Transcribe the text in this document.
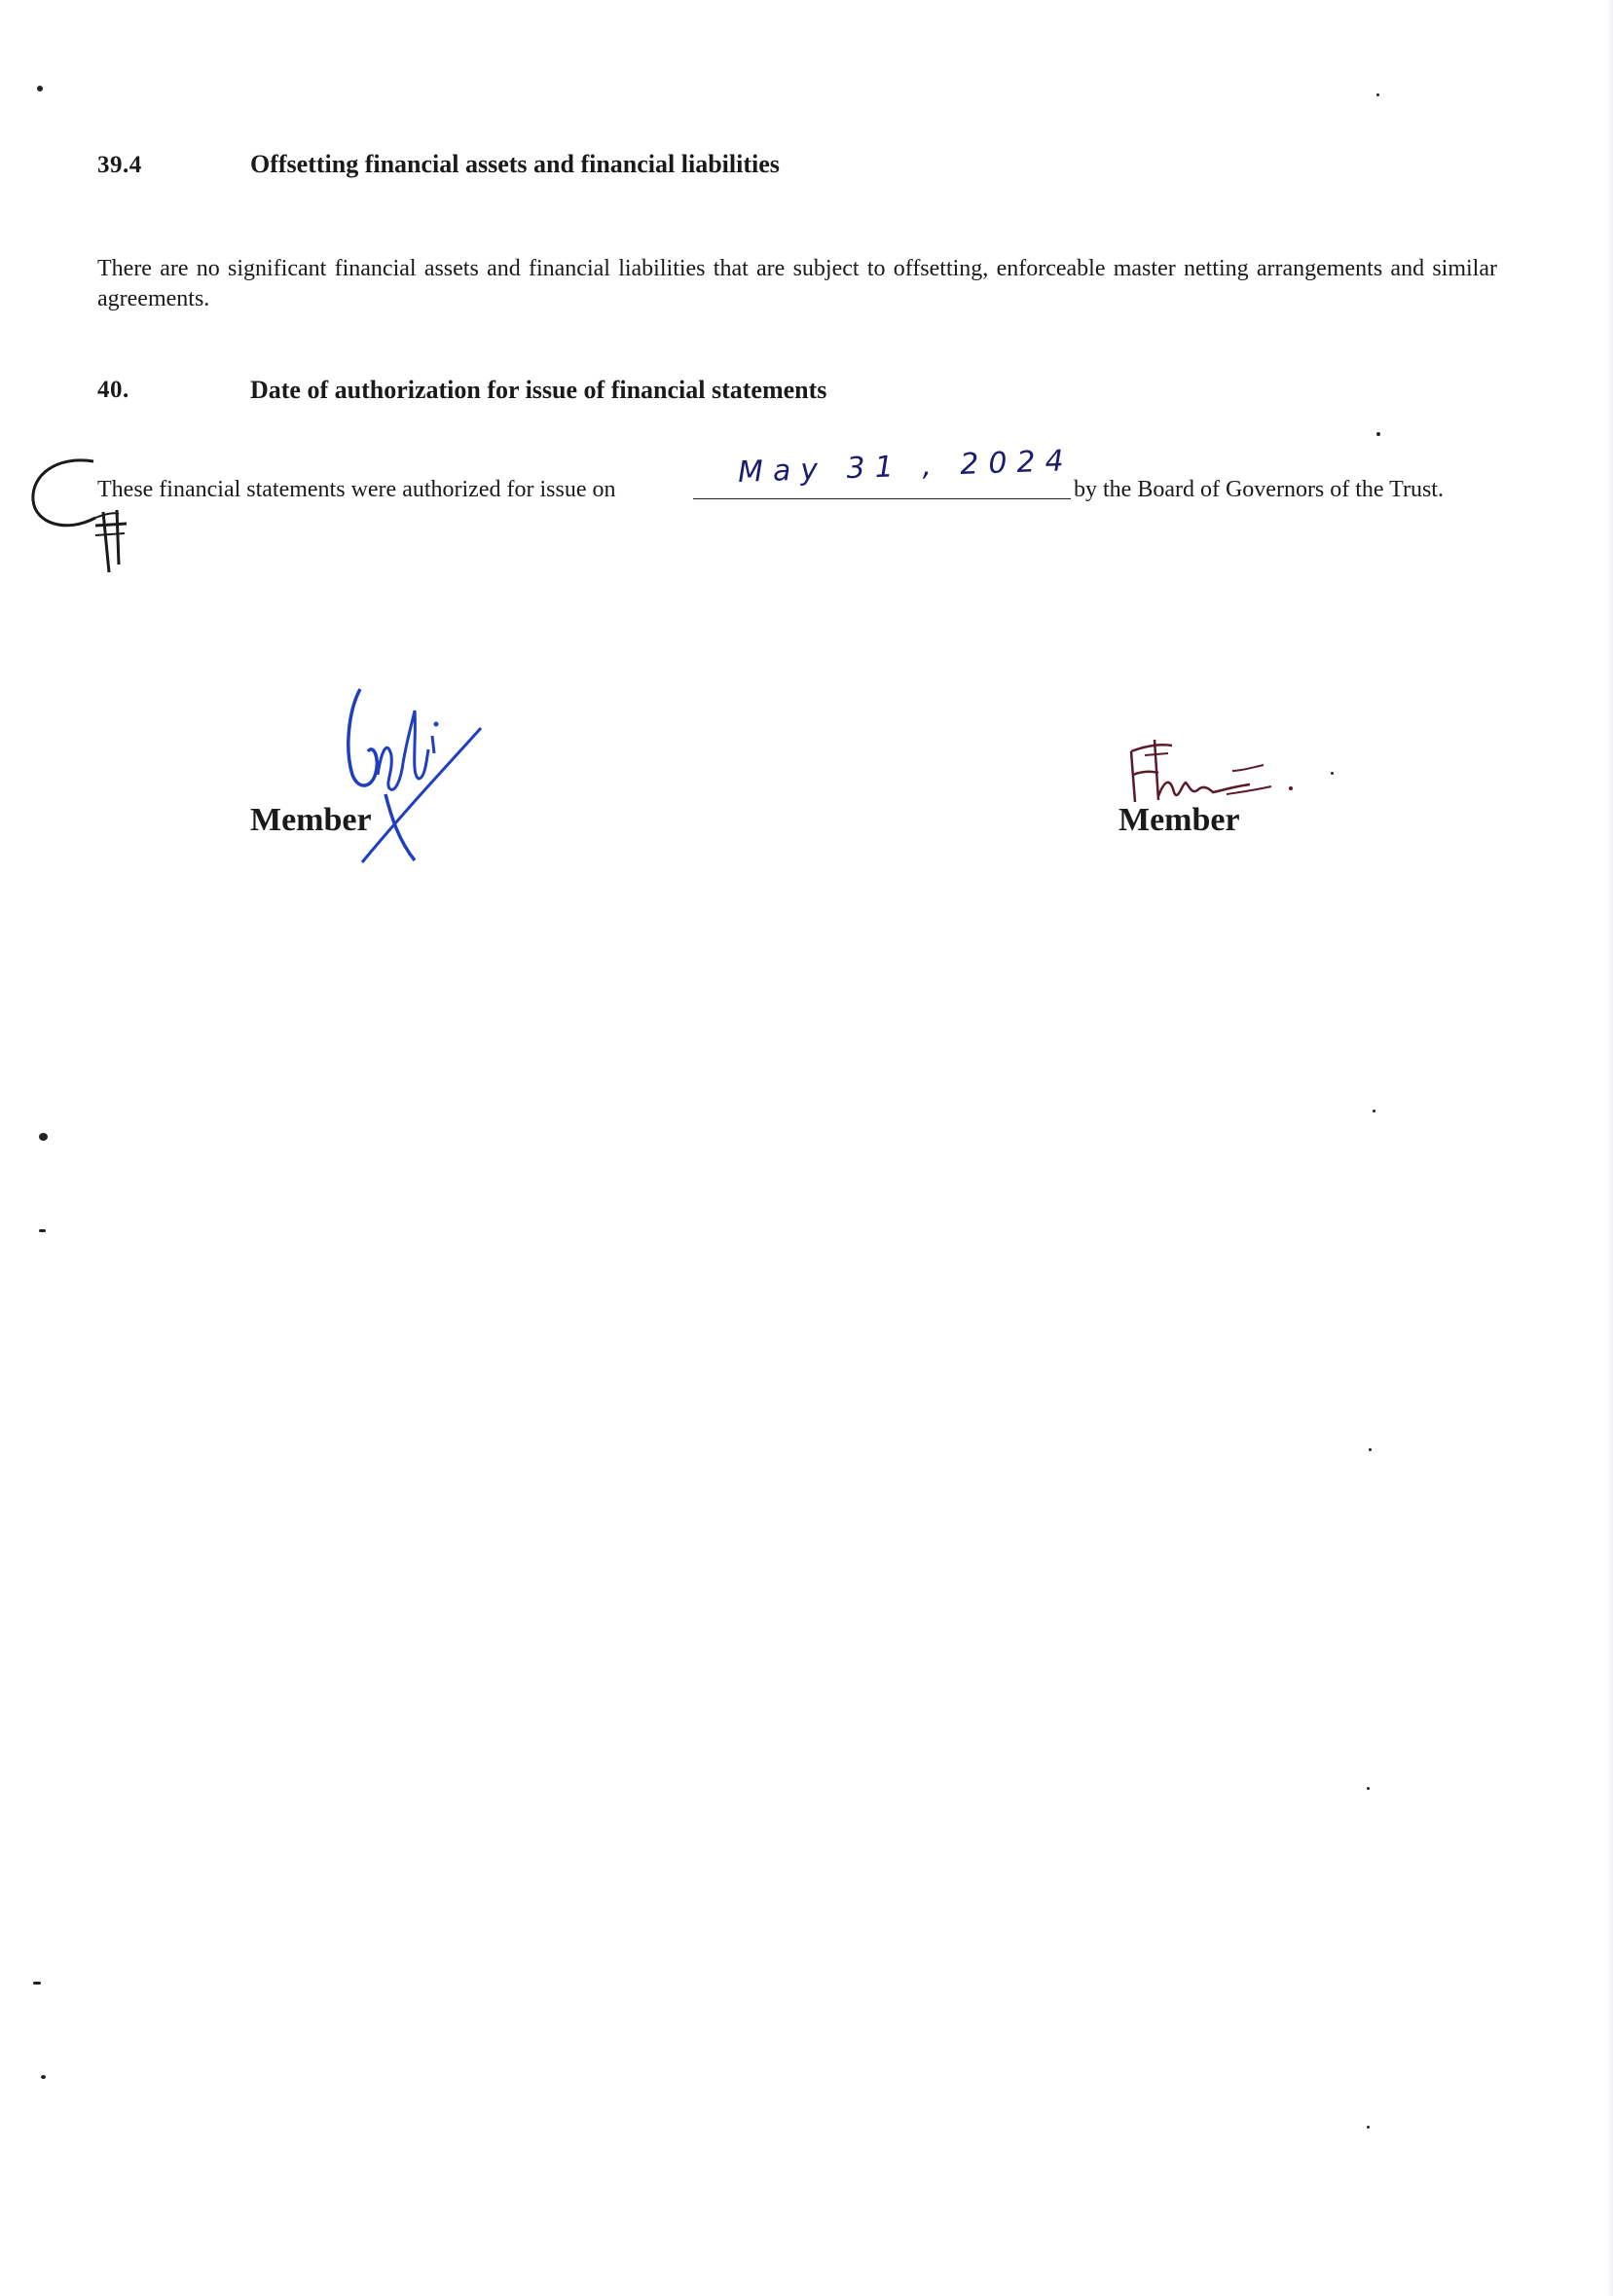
39.4	Offsetting financial assets and financial liabilities
There are no significant financial assets and financial liabilities that are subject to offsetting, enforceable master netting arrangements and similar agreements.
40.	Date of authorization for issue of financial statements
These financial statements were authorized for issue on	by the Board of Governors of the Trust.
May 31 , 2024
Member	Member
